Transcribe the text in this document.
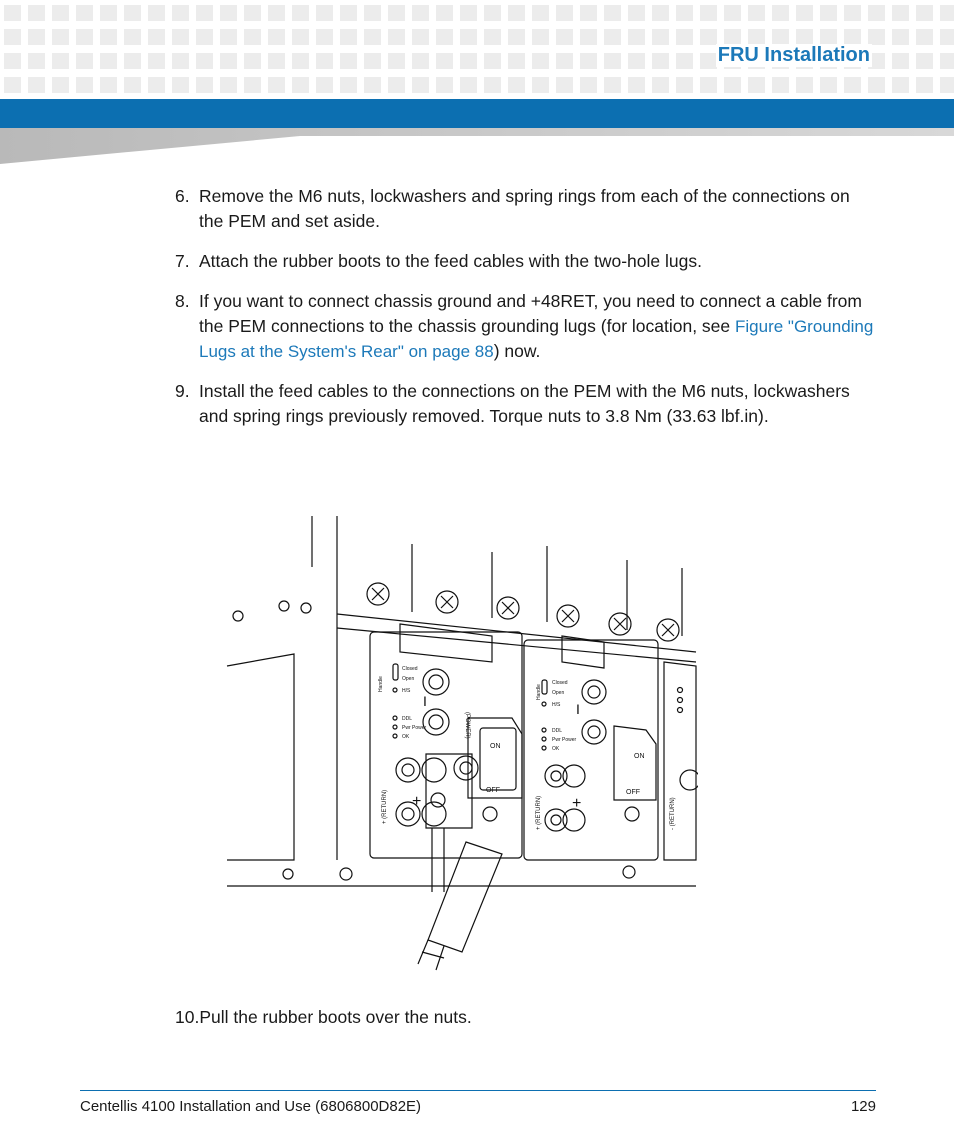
FRU Installation
6. Remove the M6 nuts, lockwashers and spring rings from each of the connections on the PEM and set aside.
7. Attach the rubber boots to the feed cables with the two-hole lugs.
8. If you want to connect chassis ground and +48RET, you need to connect a cable from the PEM connections to the chassis grounding lugs (for location, see Figure "Grounding Lugs at the System's Rear" on page 88) now.
9. Install the feed cables to the connections on the PEM with the M6 nuts, lockwashers and spring rings previously removed. Torque nuts to 3.8 Nm (33.63 lbf.in).
Handle
Closed
Open
H/S
DDL
Pwr Power
OK
I
+ (RETURN) +
(POWER)
ON
OFF
Handle
Closed
Open
H/S
DDL
Pwr Power
OK
I
+ (RETURN) +
ON
OFF
- (RETURN)
10.Pull the rubber boots over the nuts.
Centellis 4100 Installation and Use (6806800D82E)	129
